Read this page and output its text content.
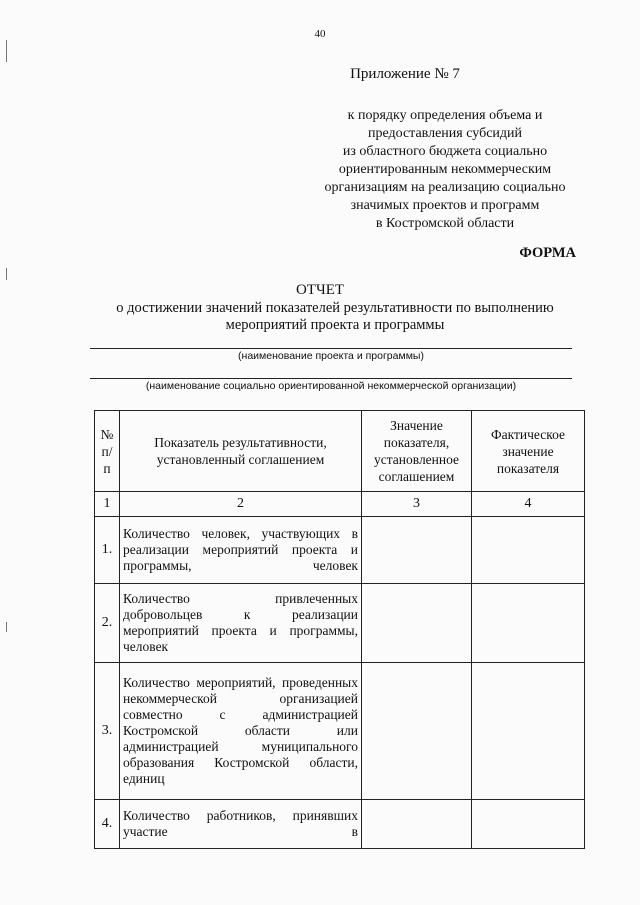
40
Приложение № 7
к порядку определения объема и
предоставления субсидий
из областного бюджета социально
ориентированным некоммерческим
организациям на реализацию социально
значимых проектов и программ
в Костромской области
ФОРМА
ОТЧЕТ
о достижении значений показателей результативности по выполнению
мероприятий проекта и программы
(наименование проекта и программы)
(наименование социально ориентированной некоммерческой организации)
№ п/п	Показатель результативности, установленный соглашением	Значение показателя, установленное соглашением	Фактическое значение показателя
1	2	3	4
1.	Количество человек, участвующих в реализации мероприятий проекта и программы, человек		
2.	Количество привлеченных добровольцев к реализации мероприятий проекта и программы, человек		
3.	Количество мероприятий, проведенных некоммерческой организацией совместно с администрацией Костромской области или администрацией муниципального образования Костромской области, единиц		
4.	Количество работников, принявших участие в		
